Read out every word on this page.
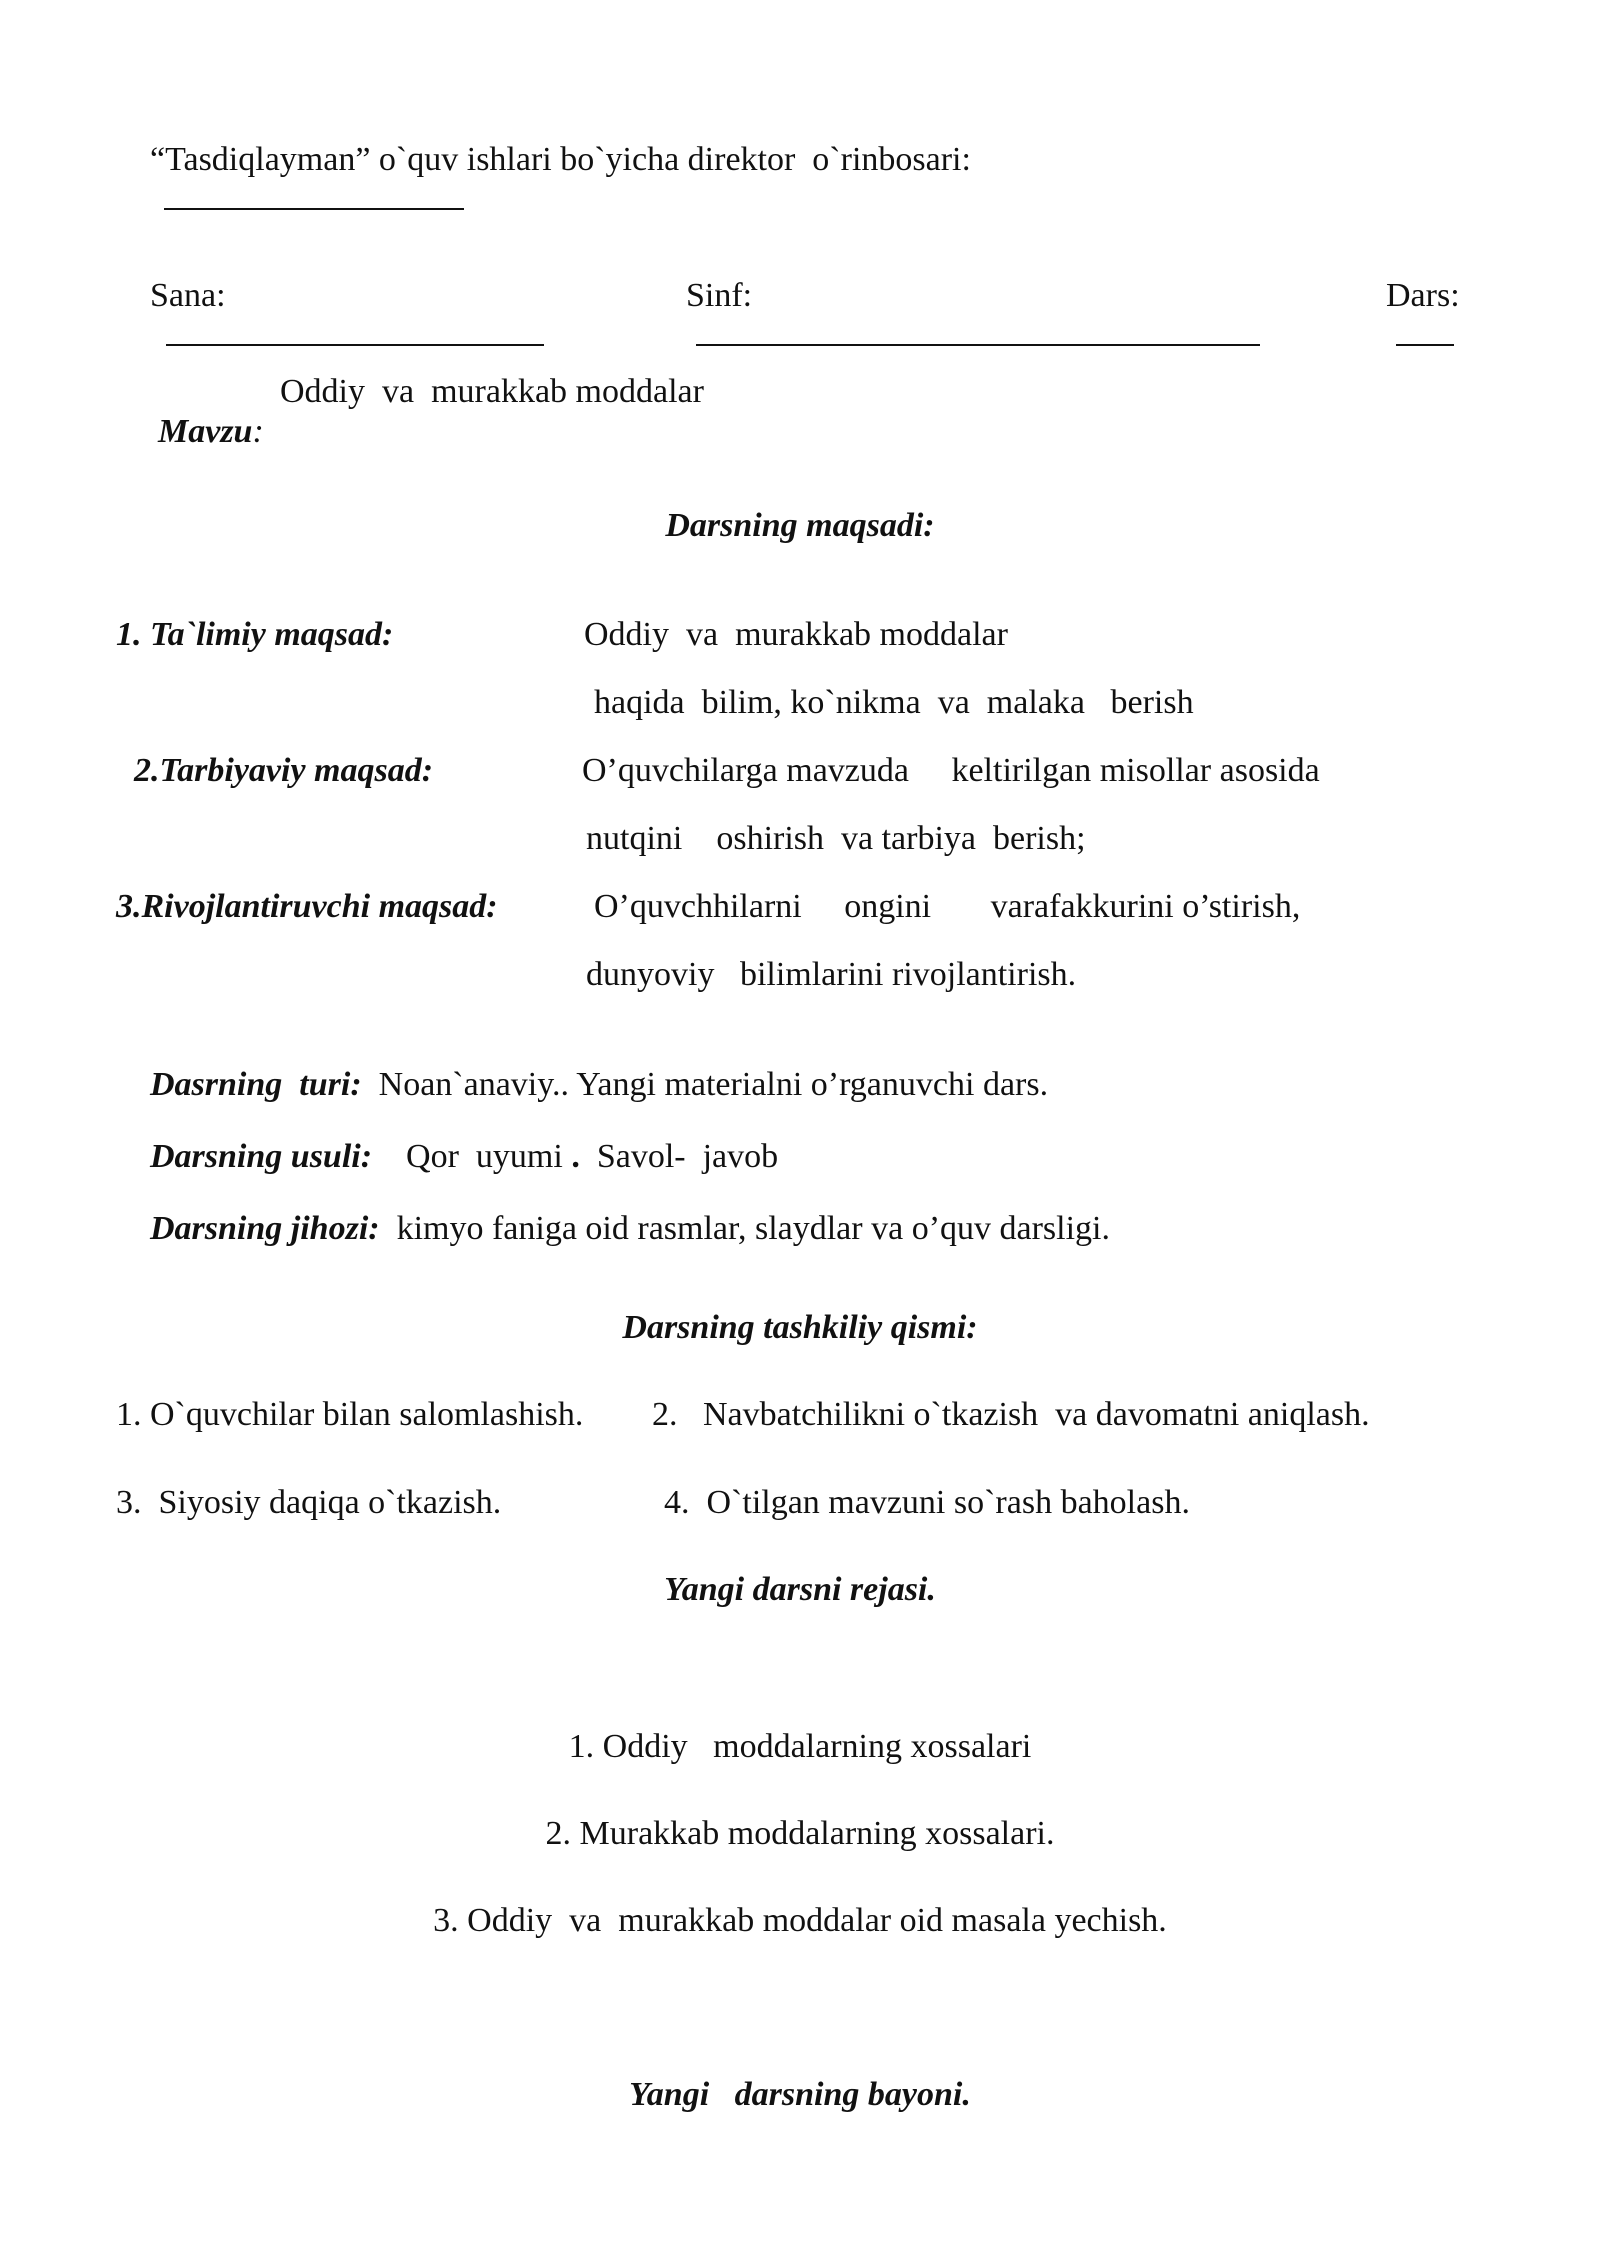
“Tasdiqlayman” o`quv ishlari bo`yicha direktor  o`rinbosari:

Sana:

	Sinf:

	Dars:

Mavzu:

Oddiy  va  murakkab moddalar
Darsning maqsadi:
1. Ta`limiy maqsad:	Oddiy  va  murakkab moddalar
haqida  bilim, ko`nikma  va  malaka   berish
2.Tarbiyaviy maqsad:	O’quvchilarga mavzuda     keltirilgan misollar asosida
nutqini    oshirish  va tarbiya  berish;
3.Rivojlantiruvchi maqsad:	O’quvchhilarni     ongini       varafakkurini o’stirish,
dunyoviy   bilimlarini rivojlantirish.

Dasrning  turi: Noan`anaviy.. Yangi materialni o’rganuvchi dars.

Darsning usuli: Qor  uyumi . Savol-  javob

Darsning jihozi: kimyo faniga oid rasmlar, slaydlar va o’quv darsligi.

Darsning tashkiliy qismi:
1. O`quvchilar bilan salomlashish. 2.   Navbatchilikni o`tkazish  va davomatni aniqlash.
3.  Siyosiy daqiqa o`tkazish.	4.  O`tilgan mavzuni so`rash baholash.
Yangi darsni rejasi.
1. Oddiy   moddalarning xossalari
2. Murakkab moddalarning xossalari.
3. Oddiy  va  murakkab moddalar oid masala yechish.
Yangi   darsning bayoni.
